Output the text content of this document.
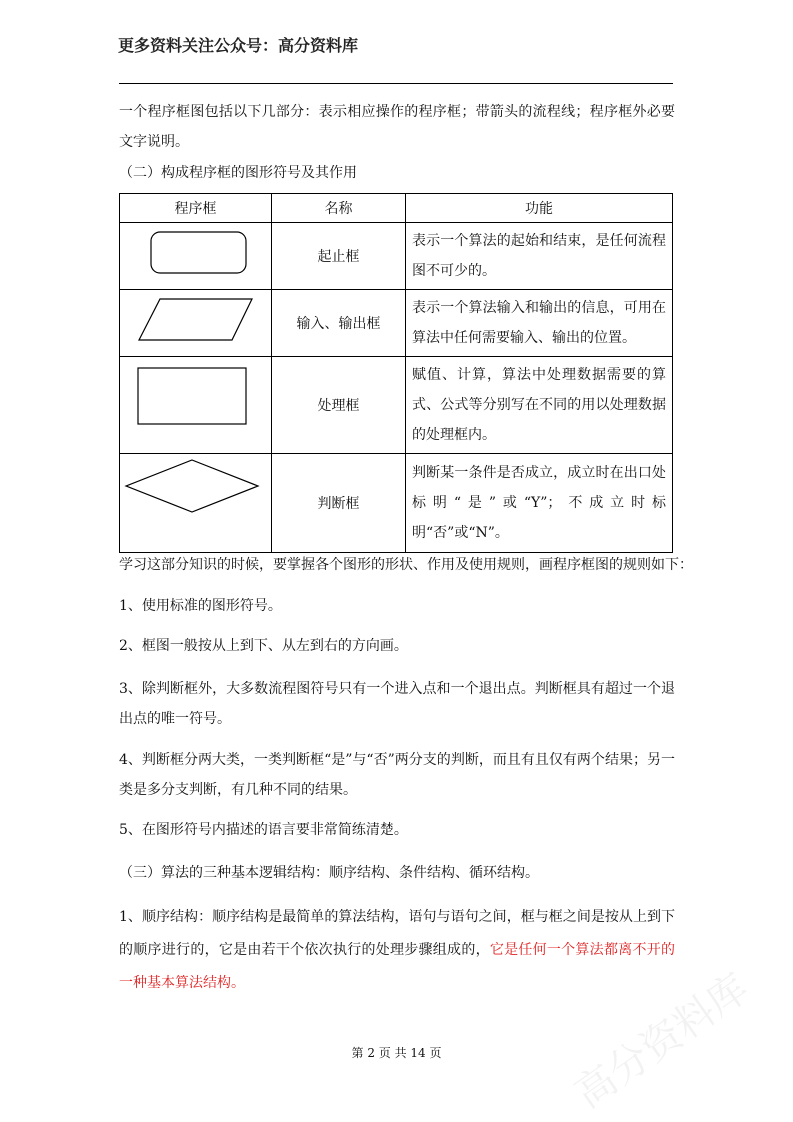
高分资料库
更多资料关注公众号：高分资料库
一个程序框图包括以下几部分：表示相应操作的程序框；带箭头的流程线；程序框外必要文字说明。
（二）构成程序框的图形符号及其作用
程序框	名称	功能
	起止框	表示一个算法的起始和结束，是任何流程图不可少的。
	输入、输出框	表示一个算法输入和输出的信息，可用在算法中任何需要输入、输出的位置。
	处理框	赋值、计算，算法中处理数据需要的算式、公式等分别写在不同的用以处理数据的处理框内。
	判断框	判断某一条件是否成立，成立时在出口处标明“是”或“Y”；不成立时标明“否”或“N”。
学习这部分知识的时候，要掌握各个图形的形状、作用及使用规则，画程序框图的规则如下：
1、使用标准的图形符号。
2、框图一般按从上到下、从左到右的方向画。
3、除判断框外，大多数流程图符号只有一个进入点和一个退出点。判断框具有超过一个退出点的唯一符号。
4、判断框分两大类，一类判断框“是”与“否”两分支的判断，而且有且仅有两个结果；另一类是多分支判断，有几种不同的结果。
5、在图形符号内描述的语言要非常简练清楚。
（三）算法的三种基本逻辑结构：顺序结构、条件结构、循环结构。
1、顺序结构：顺序结构是最简单的算法结构，语句与语句之间，框与框之间是按从上到下的顺序进行的，它是由若干个依次执行的处理步骤组成的，它是任何一个算法都离不开的一种基本算法结构。
第 2 页 共 14 页
